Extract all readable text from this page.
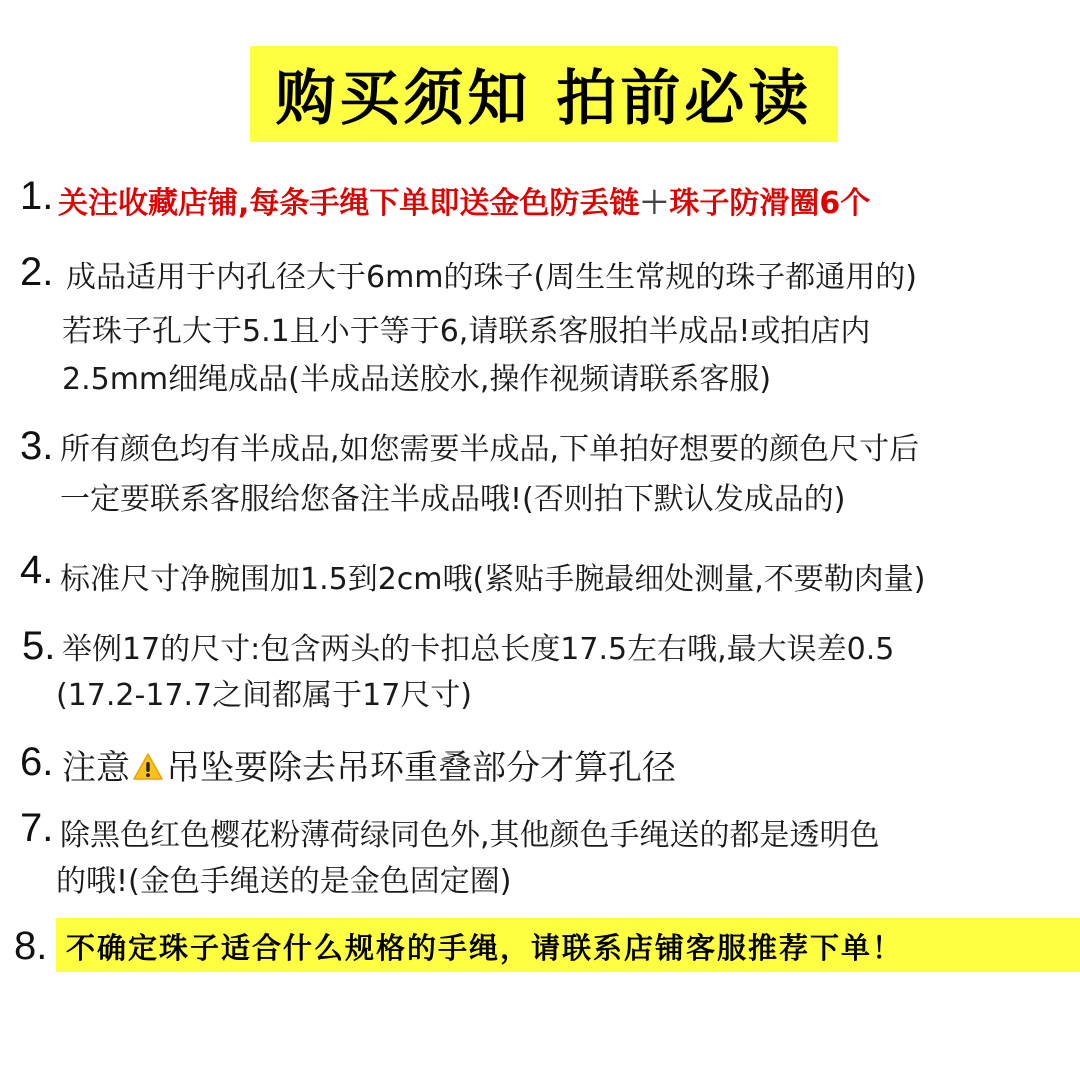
购买须知 拍前必读
1. 关注收藏店铺,每条手绳下单即送金色防丢链＋珠子防滑圈6个
2. 成品适用于内孔径大于6mm的珠子(周生生常规的珠子都通用的)
若珠子孔大于5.1且小于等于6,请联系客服拍半成品!或拍店内
2.5mm细绳成品(半成品送胶水,操作视频请联系客服)
3. 所有颜色均有半成品,如您需要半成品,下单拍好想要的颜色尺寸后
一定要联系客服给您备注半成品哦!(否则拍下默认发成品的)
4. 标准尺寸净腕围加1.5到2cm哦(紧贴手腕最细处测量,不要勒肉量)
5. 举例17的尺寸:包含两头的卡扣总长度17.5左右哦,最大误差0.5
(17.2-17.7之间都属于17尺寸)
6. 注意 吊坠要除去吊环重叠部分才算孔径
7. 除黑色红色樱花粉薄荷绿同色外,其他颜色手绳送的都是透明色
的哦!(金色手绳送的是金色固定圈)
8. 不确定珠子适合什么规格的手绳，请联系店铺客服推荐下单！
